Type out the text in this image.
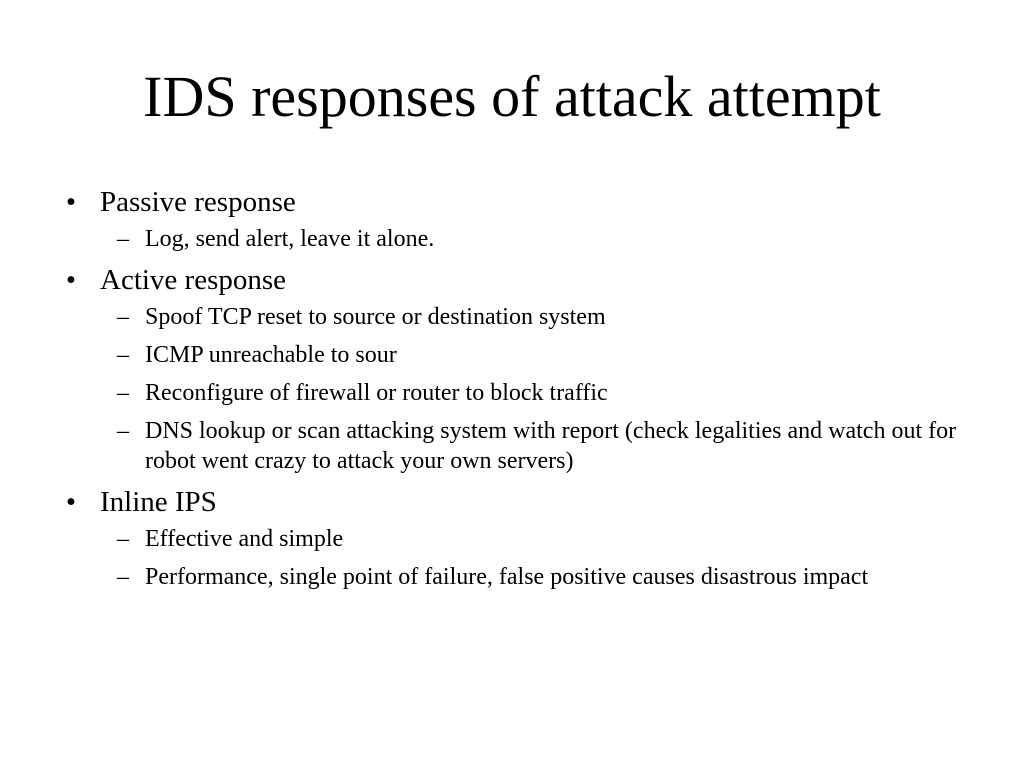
IDS responses of attack attempt
• Passive response
– Log, send alert, leave it alone.
• Active response
– Spoof TCP reset to source or destination system
– ICMP unreachable to sour
– Reconfigure of firewall or router to block traffic
– DNS lookup or scan attacking system with report (check legalities and watch out for robot went crazy to attack your own servers)
• Inline IPS
– Effective and simple
– Performance, single point of failure, false positive causes disastrous impact
